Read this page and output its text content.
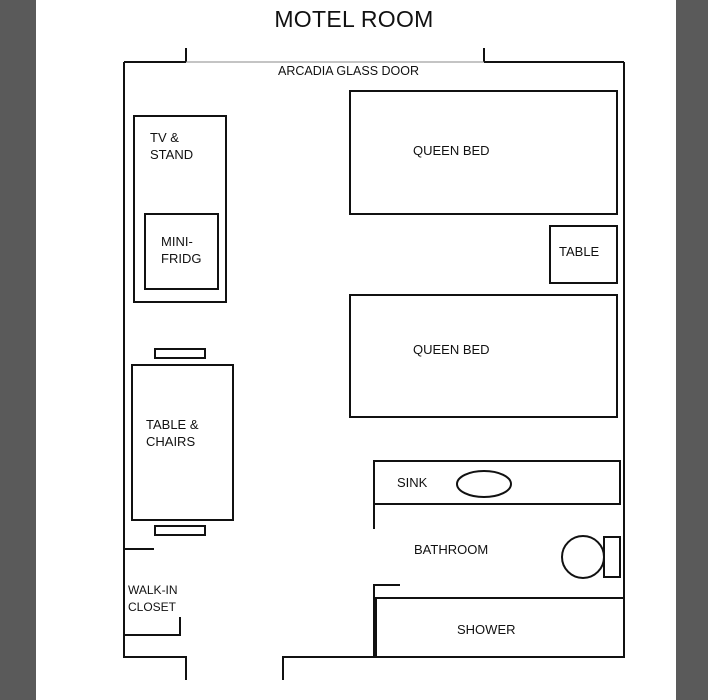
MOTEL ROOM
ARCADIA GLASS DOOR
TV &
STAND
MINI-
FRIDG
QUEEN BED
TABLE
QUEEN BED
TABLE &
CHAIRS
SINK
BATHROOM
WALK-IN
CLOSET
SHOWER
